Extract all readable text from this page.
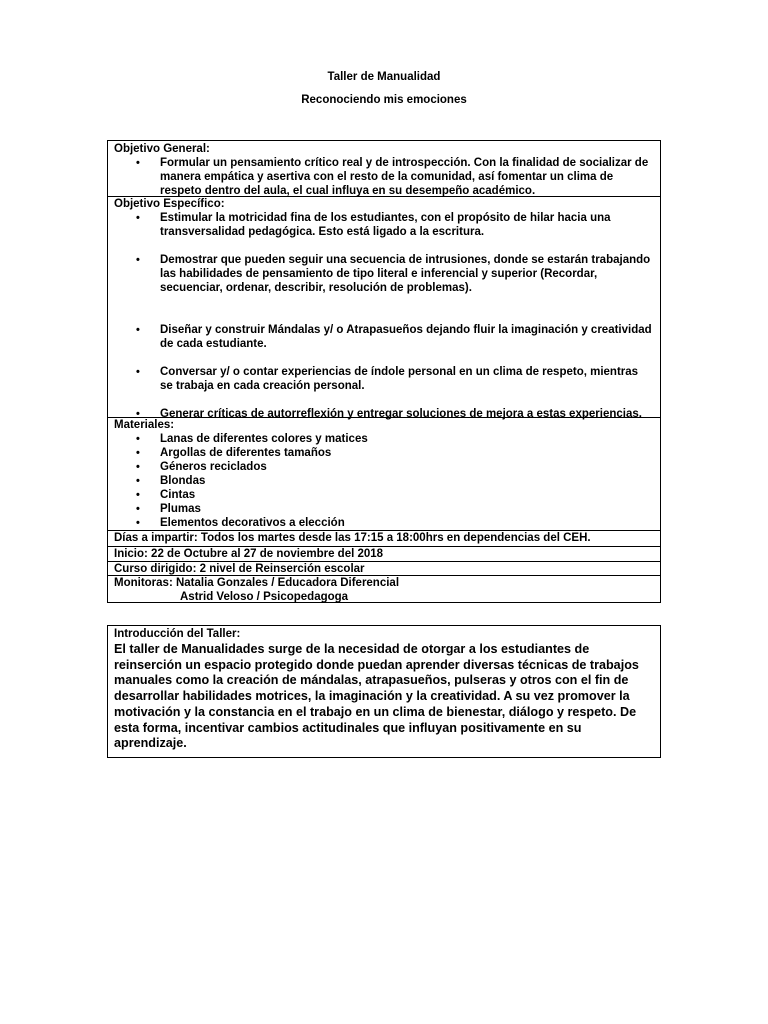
Taller de Manualidad
Reconociendo mis emociones
Objetivo General:
• Formular un pensamiento crítico real y de introspección. Con la finalidad de socializar de manera empática y asertiva con el resto de la comunidad, así fomentar un clima de respeto dentro del aula, el cual influya en su desempeño académico.
Objetivo Específico:
• Estimular la motricidad fina de los estudiantes, con el propósito de hilar hacia una transversalidad pedagógica. Esto está ligado a la escritura.
• Demostrar que pueden seguir una secuencia de intrusiones, donde se estarán trabajando las habilidades de pensamiento de tipo literal e inferencial y superior (Recordar, secuenciar, ordenar, describir, resolución de problemas).
• Diseñar y construir Mándalas y/ o Atrapasueños dejando fluir la imaginación y creatividad de cada estudiante.
• Conversar y/ o contar experiencias de índole personal en un clima de respeto, mientras se trabaja en cada creación personal.
• Generar críticas de autorreflexión y entregar soluciones de mejora a estas experiencias.
Materiales:
• Lanas de diferentes colores y matices
• Argollas de diferentes tamaños
• Géneros reciclados
• Blondas
• Cintas
• Plumas
• Elementos decorativos a elección
Días a impartir: Todos los martes desde las 17:15 a 18:00hrs en dependencias del CEH.
Inicio: 22 de Octubre al 27 de noviembre del 2018
Curso dirigido: 2 nivel de Reinserción escolar
Monitoras: Natalia Gonzales / Educadora Diferencial
Astrid Veloso / Psicopedagoga
Introducción del Taller:
El taller de Manualidades surge de la necesidad de otorgar a los estudiantes de reinserción un espacio protegido donde puedan aprender diversas técnicas de trabajos manuales como la creación de mándalas, atrapasueños, pulseras y otros con el fin de desarrollar habilidades motrices, la imaginación y la creatividad. A su vez promover la motivación y la constancia en el trabajo en un clima de bienestar, diálogo y respeto. De esta forma, incentivar cambios actitudinales que influyan positivamente en su aprendizaje.
